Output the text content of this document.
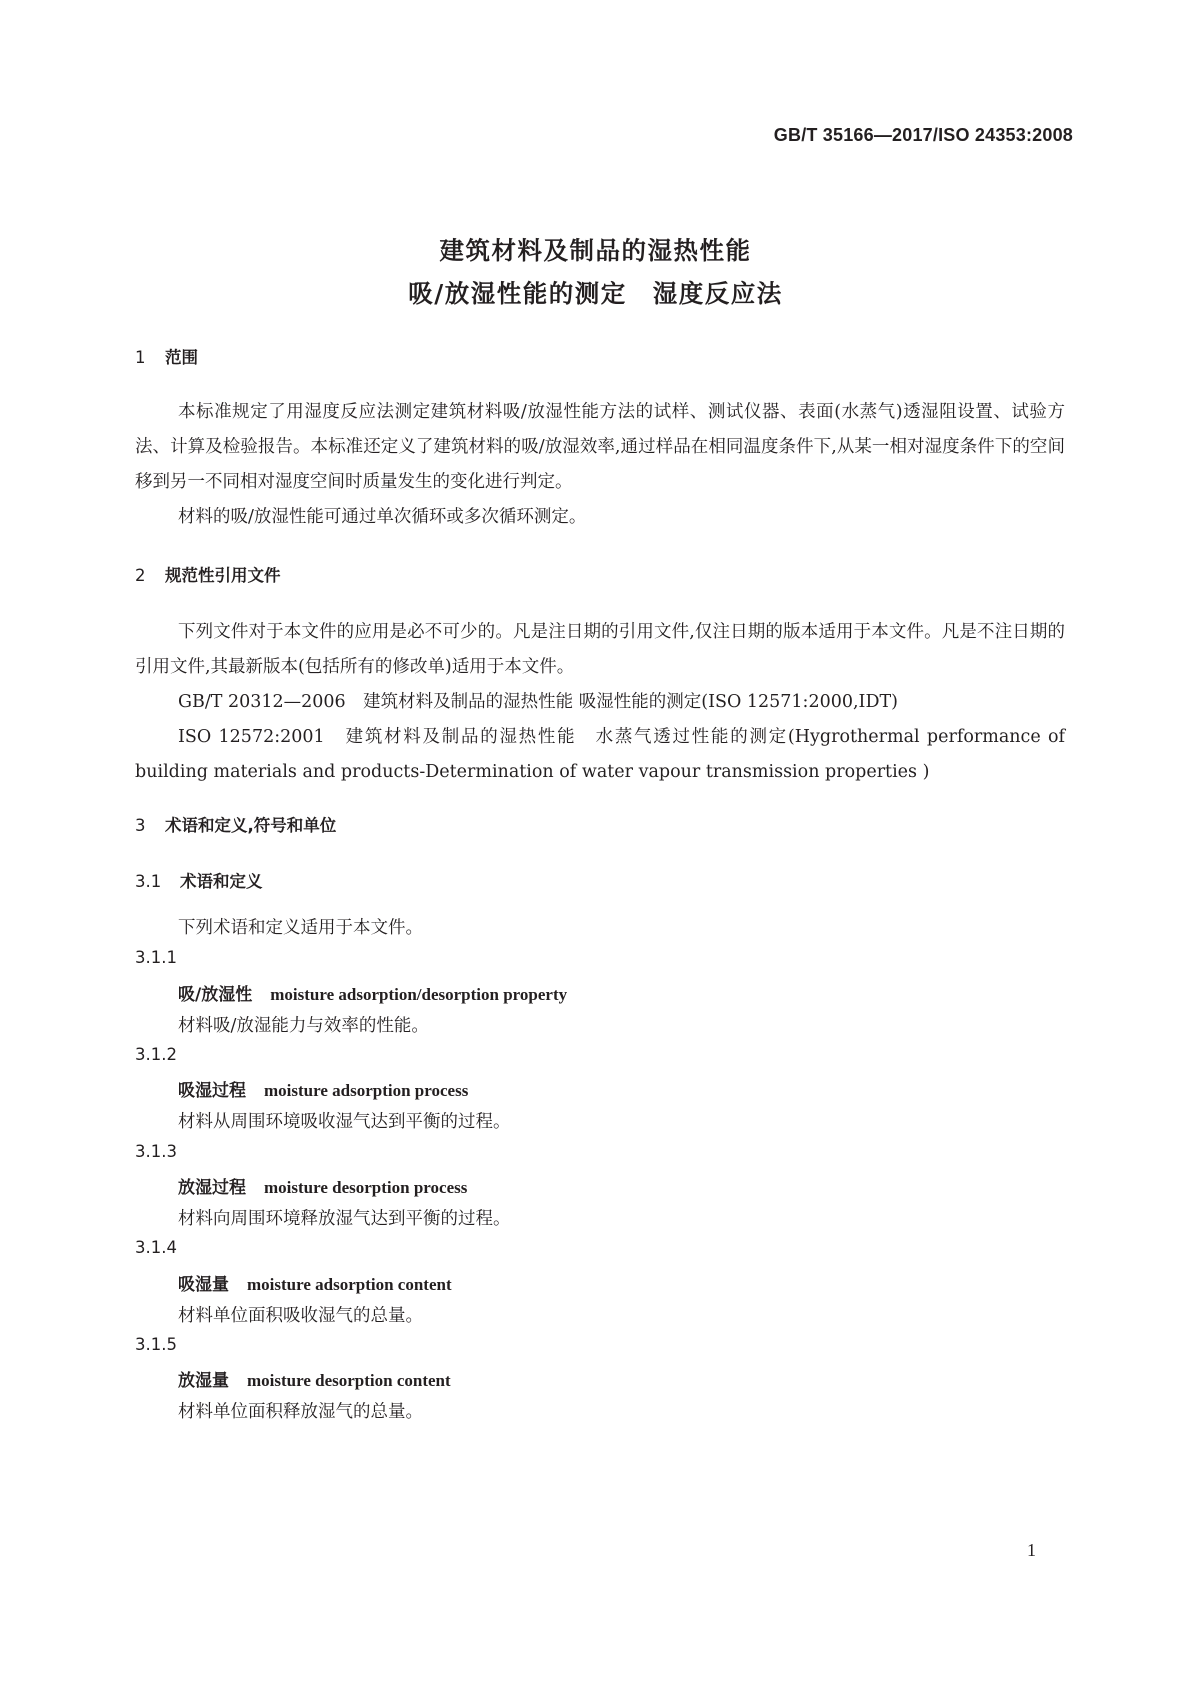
GB/T 35166—2017/ISO 24353:2008
建筑材料及制品的湿热性能
吸/放湿性能的测定　湿度反应法
1 范围

本标准规定了用湿度反应法测定建筑材料吸/放湿性能方法的试样、测试仪器、表面(水蒸气)透湿阻设置、试验方法、计算及检验报告。本标准还定义了建筑材料的吸/放湿效率,通过样品在相同温度条件下,从某一相对湿度条件下的空间移到另一不同相对湿度空间时质量发生的变化进行判定。

材料的吸/放湿性能可通过单次循环或多次循环测定。

2 规范性引用文件

下列文件对于本文件的应用是必不可少的。凡是注日期的引用文件,仅注日期的版本适用于本文件。凡是不注日期的引用文件,其最新版本(包括所有的修改单)适用于本文件。

GB/T 20312—2006　建筑材料及制品的湿热性能 吸湿性能的测定(ISO 12571:2000,IDT)

ISO 12572:2001　建筑材料及制品的湿热性能　水蒸气透过性能的测定(Hygrothermal performance of building materials and products-Determination of water vapour transmission properties )

3 术语和定义,符号和单位
3.1 术语和定义
下列术语和定义适用于本文件。
3.1.1
吸/放湿性 moisture adsorption/desorption property
材料吸/放湿能力与效率的性能。
3.1.2
吸湿过程 moisture adsorption process
材料从周围环境吸收湿气达到平衡的过程。
3.1.3
放湿过程 moisture desorption process
材料向周围环境释放湿气达到平衡的过程。
3.1.4
吸湿量 moisture adsorption content
材料单位面积吸收湿气的总量。
3.1.5
放湿量 moisture desorption content
材料单位面积释放湿气的总量。
1
